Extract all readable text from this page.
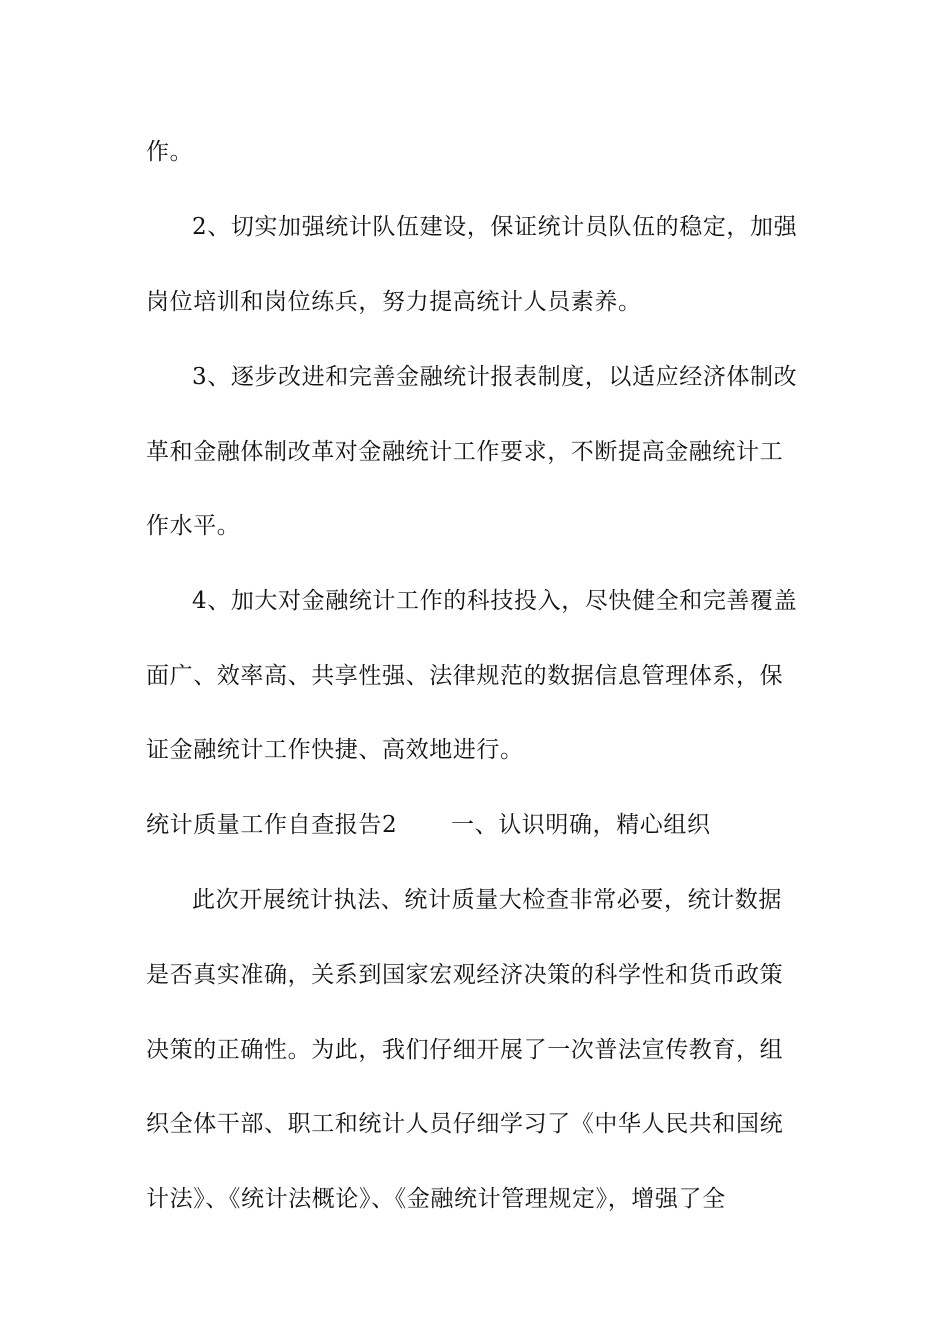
作。
2、切实加强统计队伍建设，保证统计员队伍的稳定，加强
岗位培训和岗位练兵，努力提高统计人员素养。
3、逐步改进和完善金融统计报表制度，以适应经济体制改
革和金融体制改革对金融统计工作要求，不断提高金融统计工
作水平。
4、加大对金融统计工作的科技投入，尽快健全和完善覆盖
面广、效率高、共享性强、法律规范的数据信息管理体系，保
证金融统计工作快捷、高效地进行。
统计质量工作自查报告2 一、认识明确，精心组织
此次开展统计执法、统计质量大检查非常必要，统计数据
是否真实准确，关系到国家宏观经济决策的科学性和货币政策
决策的正确性。为此，我们仔细开展了一次普法宣传教育，组
织全体干部、职工和统计人员仔细学习了《中华人民共和国统
计法》、《统计法概论》、《金融统计管理规定》，增强了全
